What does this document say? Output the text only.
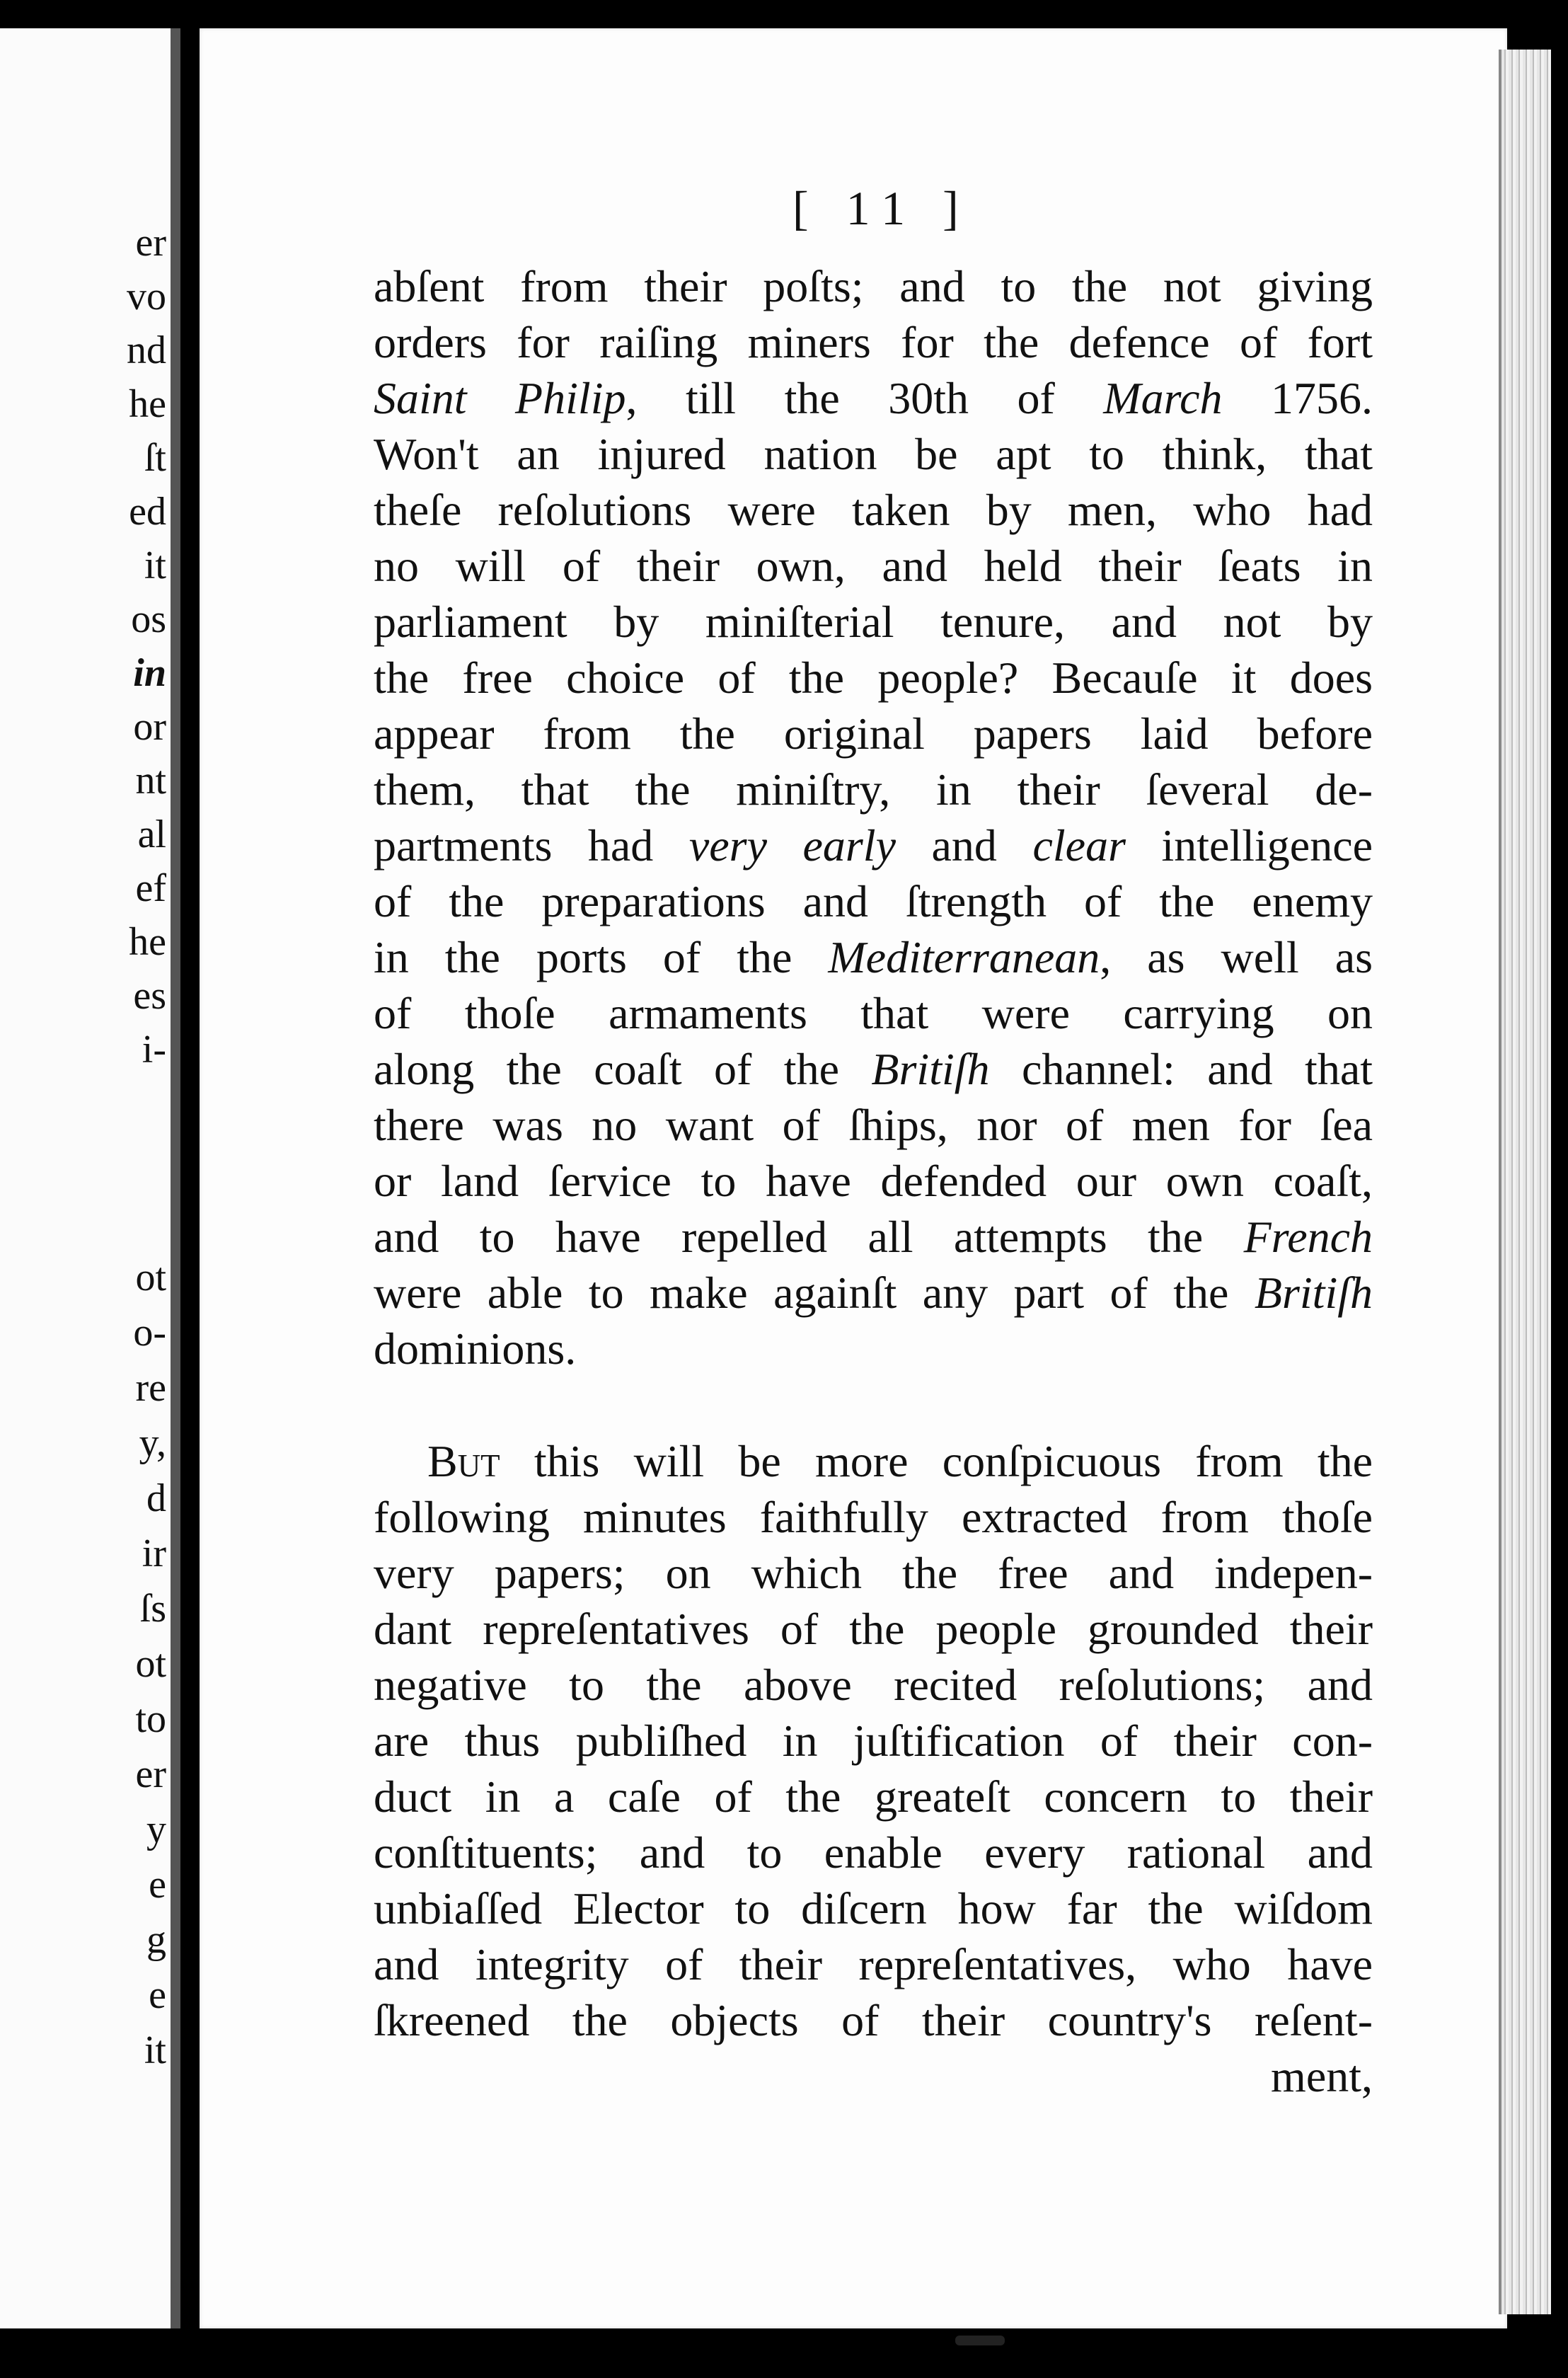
er
vo
nd
he
ſt
ed
it
os
in
or
nt
al
ef
he
es
i-
ot
o-
re
y,
d
ir
ſs
ot
to
er
y
e
g
e
it
[ 11 ]
abſent from their poſts; and to the not giving
orders for raiſing miners for the defence of fort
Saint Philip, till the 30th of March 1756.
Won't an injured nation be apt to think, that
theſe reſolutions were taken by men, who had
no will of their own, and held their ſeats in
parliament by miniſterial tenure, and not by
the free choice of the people? Becauſe it does
appear from the original papers laid before
them, that the miniſtry, in their ſeveral de-
partments had very early and clear intelligence
of the preparations and ſtrength of the enemy
in the ports of the Mediterranean, as well as
of thoſe armaments that were carrying on
along the coaſt of the Britiſh channel: and that
there was no want of ſhips, nor of men for ſea
or land ſervice to have defended our own coaſt,
and to have repelled all attempts the French
were able to make againſt any part of the Britiſh
dominions.
But this will be more conſpicuous from the
following minutes faithfully extracted from thoſe
very papers; on which the free and indepen-
dant repreſentatives of the people grounded their
negative to the above recited reſolutions; and
are thus publiſhed in juſtification of their con-
duct in a caſe of the greateſt concern to their
conſtituents; and to enable every rational and
unbiaſſed Elector to diſcern how far the wiſdom
and integrity of their repreſentatives, who have
ſkreened the objects of their country's reſent-
ment,
